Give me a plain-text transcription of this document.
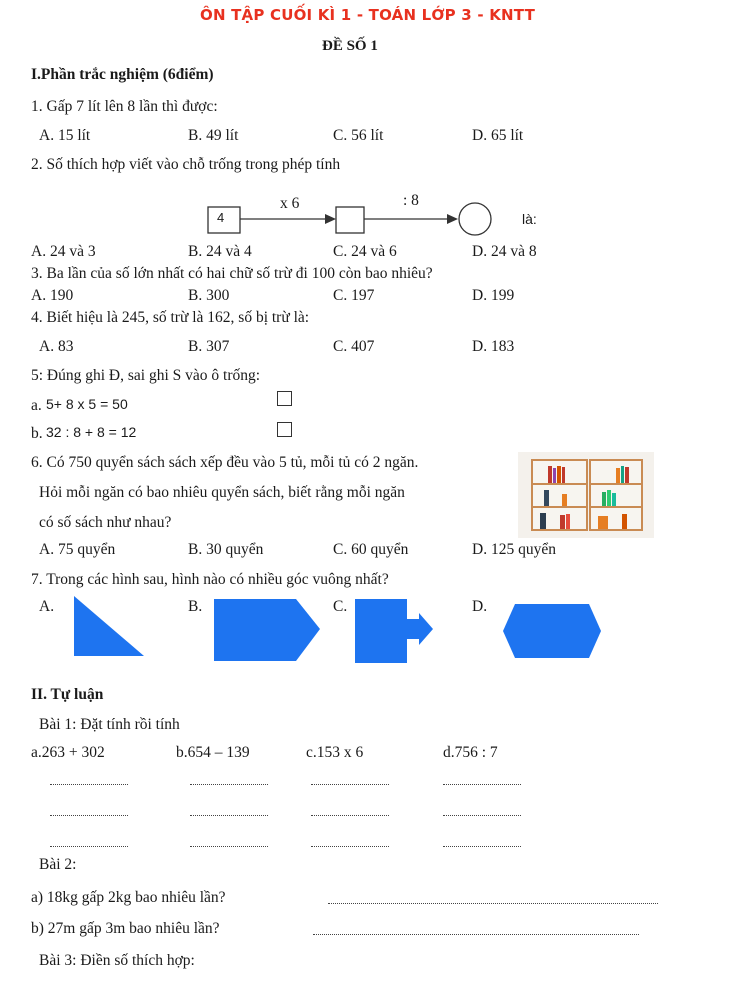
ÔN TẬP CUỐI KÌ 1 - TOÁN LỚP 3 - KNTT
ĐỀ SỐ 1
I.Phần trắc nghiệm (6điểm)
1. Gấp 7 lít lên 8 lần thì được:
A. 15 lít	B. 49 lít	C. 56 lít	D. 65 lít
2. Số thích hợp viết vào chỗ trống trong phép tính
4
x 6	: 8
là:
A. 24 và 3	B. 24 và 4	C. 24 và 6	D. 24 và 8
3. Ba lần của số lớn nhất có hai chữ số trừ đi 100 còn bao nhiêu?
A. 190	B. 300	C. 197	D. 199
4. Biết hiệu là 245, số trừ là 162, số bị trừ là:
A. 83	B. 307	C. 407	D. 183
5: Đúng ghi Đ, sai ghi S vào ô trống:
a. 5+ 8 x 5 = 50
b. 32 : 8 + 8 = 12
6. Có 750 quyển sách sách xếp đều vào 5 tủ, mỗi tủ có 2 ngăn.
Hỏi mỗi ngăn có bao nhiêu quyển sách, biết rằng mỗi ngăn
có số sách như nhau?
A. 75 quyển	B. 30 quyển	C. 60 quyển	D. 125 quyển
7. Trong các hình sau, hình nào có nhiều góc vuông nhất?
A.	B.	C.	D.
II. Tự luận
Bài 1: Đặt tính rồi tính
a.263 + 302	b.654 – 139	c.153 x 6	d.756 : 7
Bài 2:
a) 18kg gấp 2kg bao nhiêu lần?
b) 27m gấp 3m bao nhiêu lần?
Bài 3: Điền số thích hợp:
